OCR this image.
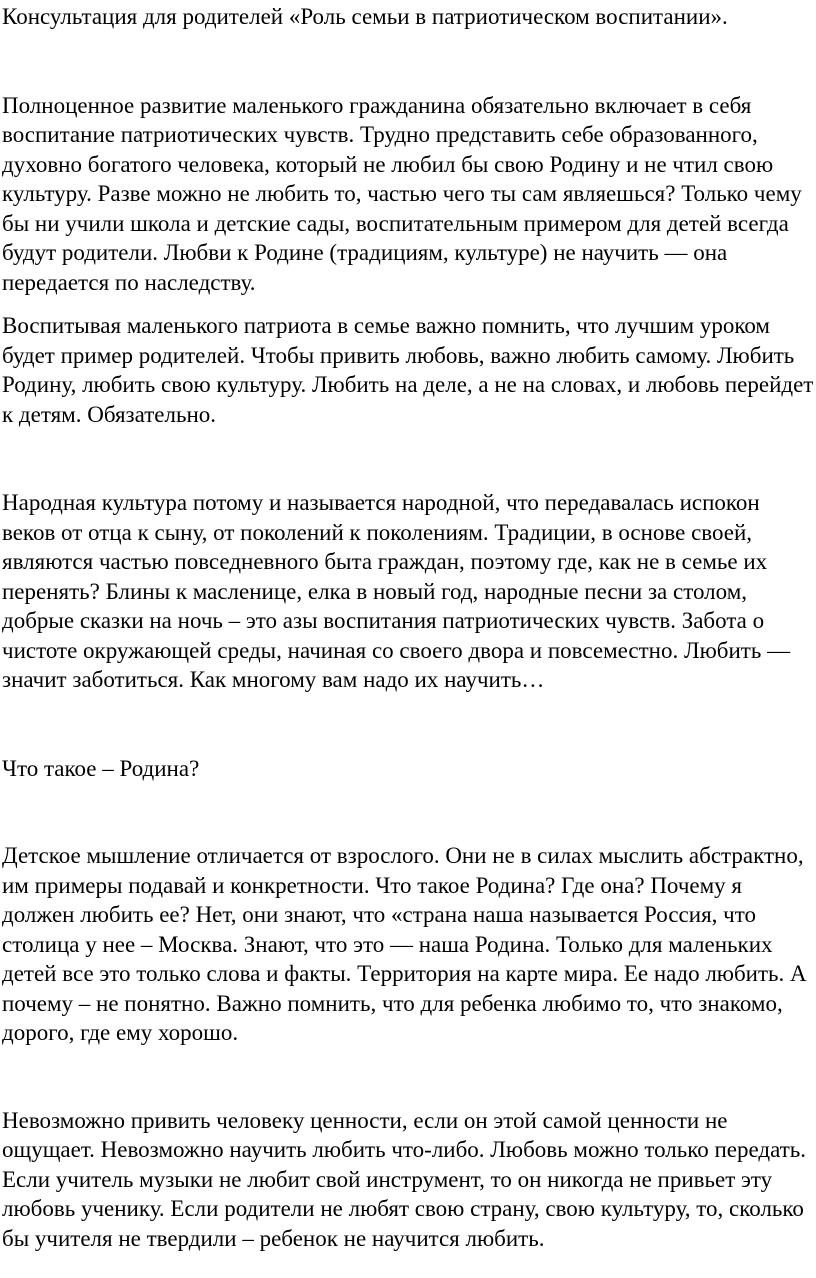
Консультация для родителей «Роль семьи в патриотическом воспитании».

Полноценное развитие маленького гражданина обязательно включает в себя воспитание патриотических чувств. Трудно представить себе образованного, духовно богатого человека, который не любил бы свою Родину и не чтил свою культуру. Разве можно не любить то, частью чего ты сам являешься? Только чему бы ни учили школа и детские сады, воспитательным примером для детей всегда будут родители. Любви к Родине (традициям, культуре) не научить — она передается по наследству.

Воспитывая маленького патриота в семье важно помнить, что лучшим уроком будет пример родителей. Чтобы привить любовь, важно любить самому. Любить Родину, любить свою культуру. Любить на деле, а не на словах, и любовь перейдет к детям. Обязательно.

Народная культура потому и называется народной, что передавалась испокон веков от отца к сыну, от поколений к поколениям. Традиции, в основе своей, являются частью повседневного быта граждан, поэтому где, как не в семье их перенять? Блины к масленице, елка в новый год, народные песни за столом, добрые сказки на ночь – это азы воспитания патриотических чувств. Забота о чистоте окружающей среды, начиная со своего двора и повсеместно. Любить — значит заботиться. Как многому вам надо их научить…

Что такое – Родина?

Детское мышление отличается от взрослого. Они не в силах мыслить абстрактно, им примеры подавай и конкретности. Что такое Родина? Где она? Почему я должен любить ее? Нет, они знают, что «страна наша называется Россия, что столица у нее – Москва. Знают, что это — наша Родина. Только для маленьких детей все это только слова и факты. Территория на карте мира. Ее надо любить. А почему – не понятно. Важно помнить, что для ребенка любимо то, что знакомо, дорого, где ему хорошо.

Невозможно привить человеку ценности, если он этой самой ценности не ощущает. Невозможно научить любить что-либо. Любовь можно только передать. Если учитель музыки не любит свой инструмент, то он никогда не привьет эту любовь ученику. Если родители не любят свою страну, свою культуру, то, сколько бы учителя не твердили – ребенок не научится любить.
